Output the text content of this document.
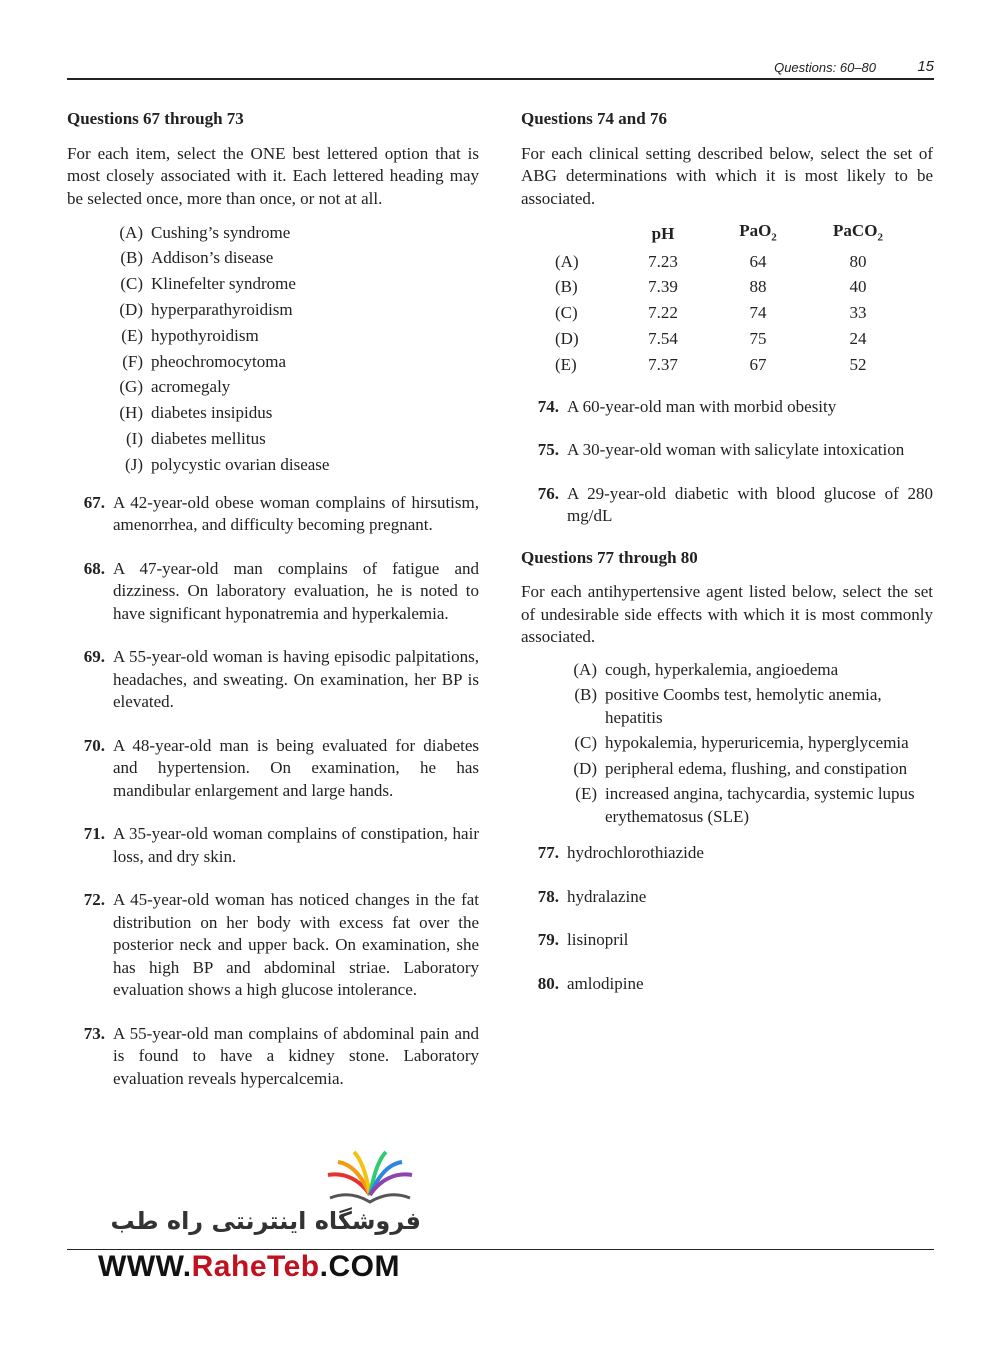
Questions: 60–80	15
Questions 67 through 73

For each item, select the ONE best lettered option that is most closely associated with it. Each lettered heading may be selected once, more than once, or not at all.

(A) Cushing’s syndrome
(B) Addison’s disease
(C) Klinefelter syndrome
(D) hyperparathyroidism
(E) hypothyroidism
(F) pheochromocytoma
(G) acromegaly
(H) diabetes insipidus
(I) diabetes mellitus
(J) polycystic ovarian disease
67. A 42-year-old obese woman complains of hirsutism, amenorrhea, and difficulty becoming pregnant.
68. A 47-year-old man complains of fatigue and dizziness. On laboratory evaluation, he is noted to have significant hyponatremia and hyperkalemia.
69. A 55-year-old woman is having episodic palpitations, headaches, and sweating. On examination, her BP is elevated.
70. A 48-year-old man is being evaluated for diabetes and hypertension. On examination, he has mandibular enlargement and large hands.
71. A 35-year-old woman complains of constipation, hair loss, and dry skin.
72. A 45-year-old woman has noticed changes in the fat distribution on her body with excess fat over the posterior neck and upper back. On examination, she has high BP and abdominal striae. Laboratory evaluation shows a high glucose intolerance.
73. A 55-year-old man complains of abdominal pain and is found to have a kidney stone. Laboratory evaluation reveals hypercalcemia.
Questions 74 and 76

For each clinical setting described below, select the set of ABG determinations with which it is most likely to be associated.

	pH	PaO$_2$	PaCO$_2$
(A)	7.23	64	80
(B)	7.39	88	40
(C)	7.22	74	33
(D)	7.54	75	24
(E)	7.37	67	52
74. A 60-year-old man with morbid obesity
75. A 30-year-old woman with salicylate intoxication
76. A 29-year-old diabetic with blood glucose of 280 mg/dL
Questions 77 through 80

For each antihypertensive agent listed below, select the set of undesirable side effects with which it is most commonly associated.

(A) cough, hyperkalemia, angioedema
(B) positive Coombs test, hemolytic anemia, hepatitis
(C) hypokalemia, hyperuricemia, hyperglycemia
(D) peripheral edema, flushing, and constipation
(E) increased angina, tachycardia, systemic lupus erythematosus (SLE)
77. hydrochlorothiazide
78. hydralazine
79. lisinopril
80. amlodipine
فروشگاه اینترنتی راه طب
WWW.RaheTeb.COM
